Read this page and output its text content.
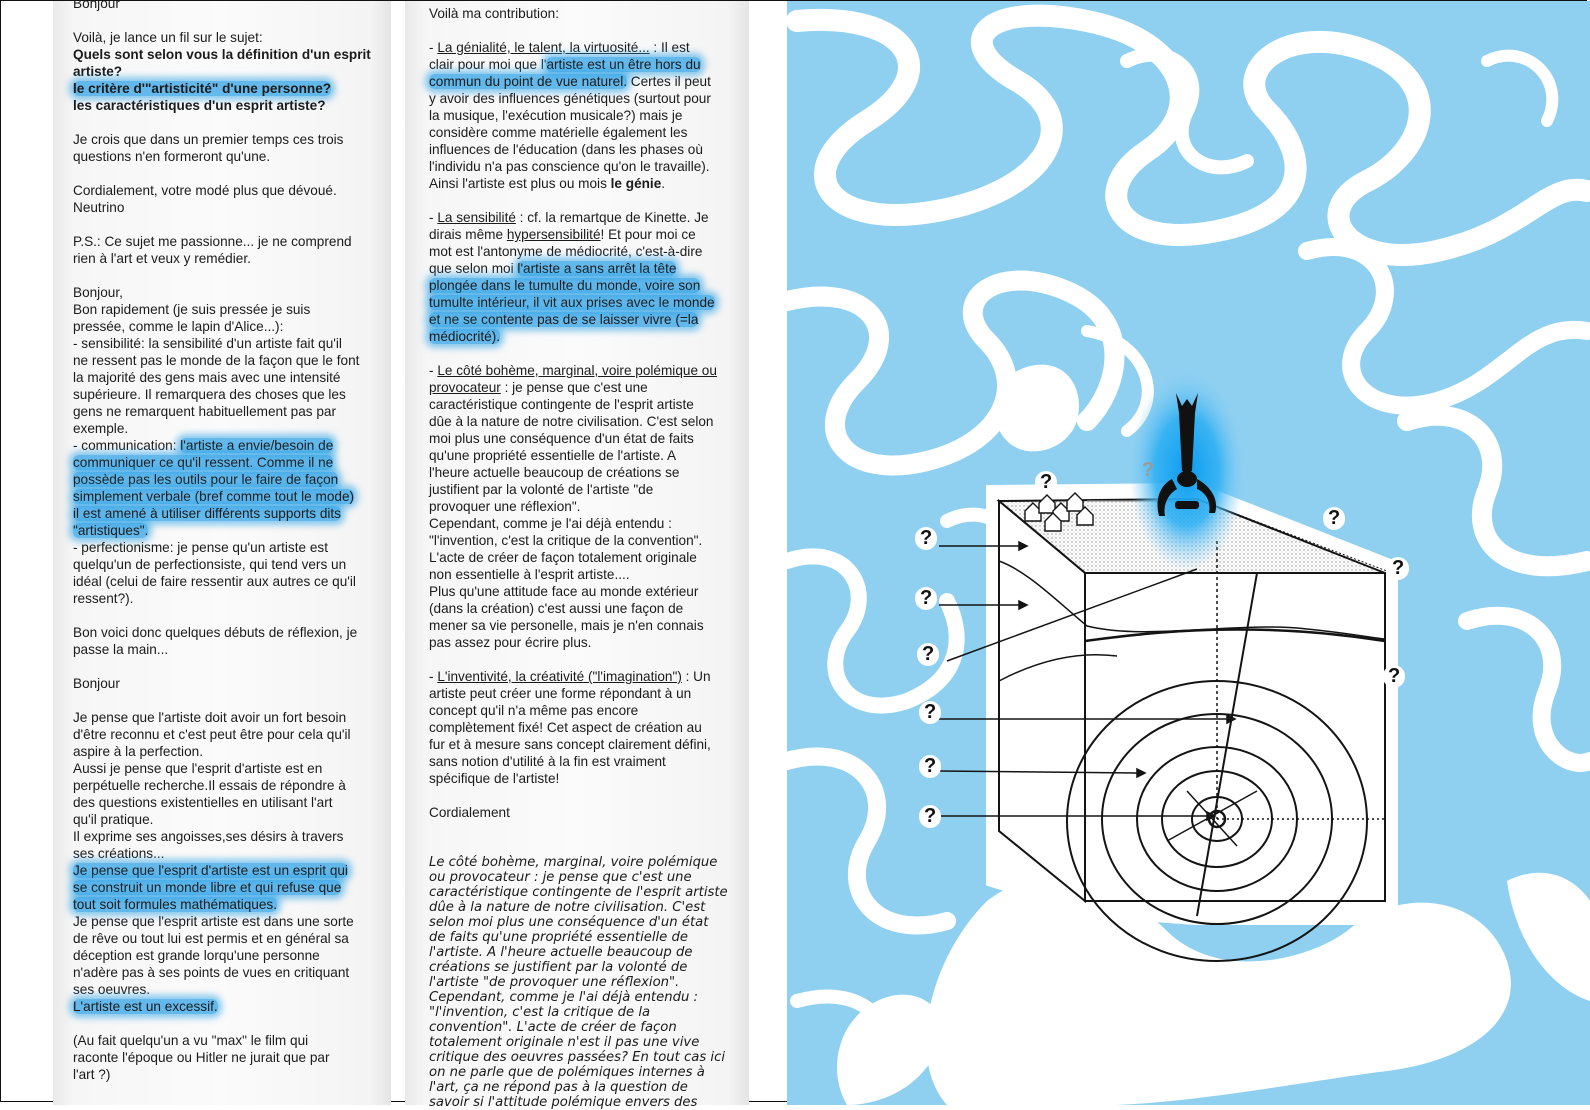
Bonjour

Voilà, je lance un fil sur le sujet:

Quels sont selon vous la définition d'un esprit

artiste?

le critère d'"artisticité" d'une personne?

les caractéristiques d'un esprit artiste?

Je crois que dans un premier temps ces trois

questions n'en formeront qu'une.

Cordialement, votre modé plus que dévoué.

Neutrino

P.S.: Ce sujet me passionne... je ne comprend

rien à l'art et veux y remédier.

Bonjour,

Bon rapidement (je suis pressée je suis

pressée, comme le lapin d'Alice...):

- sensibilité: la sensibilité d'un artiste fait qu'il

ne ressent pas le monde de la façon que le font

la majorité des gens mais avec une intensité

supérieure. Il remarquera des choses que les

gens ne remarquent habituellement pas par

exemple.

- communication: l'artiste a envie/besoin de

communiquer ce qu'il ressent. Comme il ne

possède pas les outils pour le faire de façon

simplement verbale (bref comme tout le mode)

il est amené à utiliser différents supports dits

"artistiques".

- perfectionisme: je pense qu'un artiste est

quelqu'un de perfectionsiste, qui tend vers un

idéal (celui de faire ressentir aux autres ce qu'il

ressent?).

Bon voici donc quelques débuts de réflexion, je

passe la main...

Bonjour

Je pense que l'artiste doit avoir un fort besoin

d'être reconnu et c'est peut être pour cela qu'il

aspire à la perfection.

Aussi je pense que l'esprit d'artiste est en

perpétuelle recherche.Il essais de répondre à

des questions existentielles en utilisant l'art

qu'il pratique.

Il exprime ses angoisses,ses désirs à travers

ses créations...

Je pense que l'esprit d'artiste est un esprit qui

se construit un monde libre et qui refuse que

tout soit formules mathématiques.

Je pense que l'esprit artiste est dans une sorte

de rêve ou tout lui est permis et en général sa

déception est grande lorqu'une personne

n'adère pas à ses points de vues en critiquant

ses oeuvres.

L'artiste est un excessif.

(Au fait quelqu'un a vu "max" le film qui

raconte l'époque ou Hitler ne jurait que par

l'art ?)

Voilà ma contribution:

- La génialité, le talent, la virtuosité... : Il est

clair pour moi que l'artiste est un être hors du

commun du point de vue naturel. Certes il peut

y avoir des influences génétiques (surtout pour

la musique, l'exécution musicale?) mais je

considère comme matérielle également les

influences de l'éducation (dans les phases où

l'individu n'a pas conscience qu'on le travaille).

Ainsi l'artiste est plus ou mois le génie.

- La sensibilité : cf. la remartque de Kinette. Je

dirais même hypersensibilité! Et pour moi ce

mot est l'antonyme de médiocrité, c'est-à-dire

que selon moi l'artiste a sans arrêt la tête

plongée dans le tumulte du monde, voire son

tumulte intérieur, il vit aux prises avec le monde

et ne se contente pas de se laisser vivre (=la

médiocrité).

- Le côté bohème, marginal, voire polémique ou

provocateur : je pense que c'est une

caractéristique contingente de l'esprit artiste

dûe à la nature de notre civilisation. C'est selon

moi plus une conséquence d'un état de faits

qu'une propriété essentielle de l'artiste. A

l'heure actuelle beaucoup de créations se

justifient par la volonté de l'artiste "de

provoquer une réflexion".

Cependant, comme je l'ai déjà entendu :

"l'invention, c'est la critique de la convention".

L'acte de créer de façon totalement originale

non essentielle à l'esprit artiste....

Plus qu'une attitude face au monde extérieur

(dans la création) c'est aussi une façon de

mener sa vie personelle, mais je n'en connais

pas assez pour écrire plus.

- L'inventivité, la créativité ("l'imagination") : Un

artiste peut créer une forme répondant à un

concept qu'il n'a même pas encore

complètement fixé! Cet aspect de création au

fur et à mesure sans concept clairement défini,

sans notion d'utilité à la fin est vraiment

spécifique de l'artiste!

Cordialement

Le côté bohème, marginal, voire polémique

ou provocateur : je pense que c'est une

caractéristique contingente de l'esprit artiste

dûe à la nature de notre civilisation. C'est

selon moi plus une conséquence d'un état

de faits qu'une propriété essentielle de

l'artiste. A l'heure actuelle beaucoup de

créations se justifient par la volonté de

l'artiste "de provoquer une réflexion".

Cependant, comme je l'ai déjà entendu :

"l'invention, c'est la critique de la

convention". L'acte de créer de façon

totalement originale n'est il pas une vive

critique des oeuvres passées? En tout cas ici

on ne parle que de polémiques internes à

l'art, ça ne répond pas à la question de

savoir si l'attitude polémique envers des

?
?
?
?
?
?
?
?
?
?
?
